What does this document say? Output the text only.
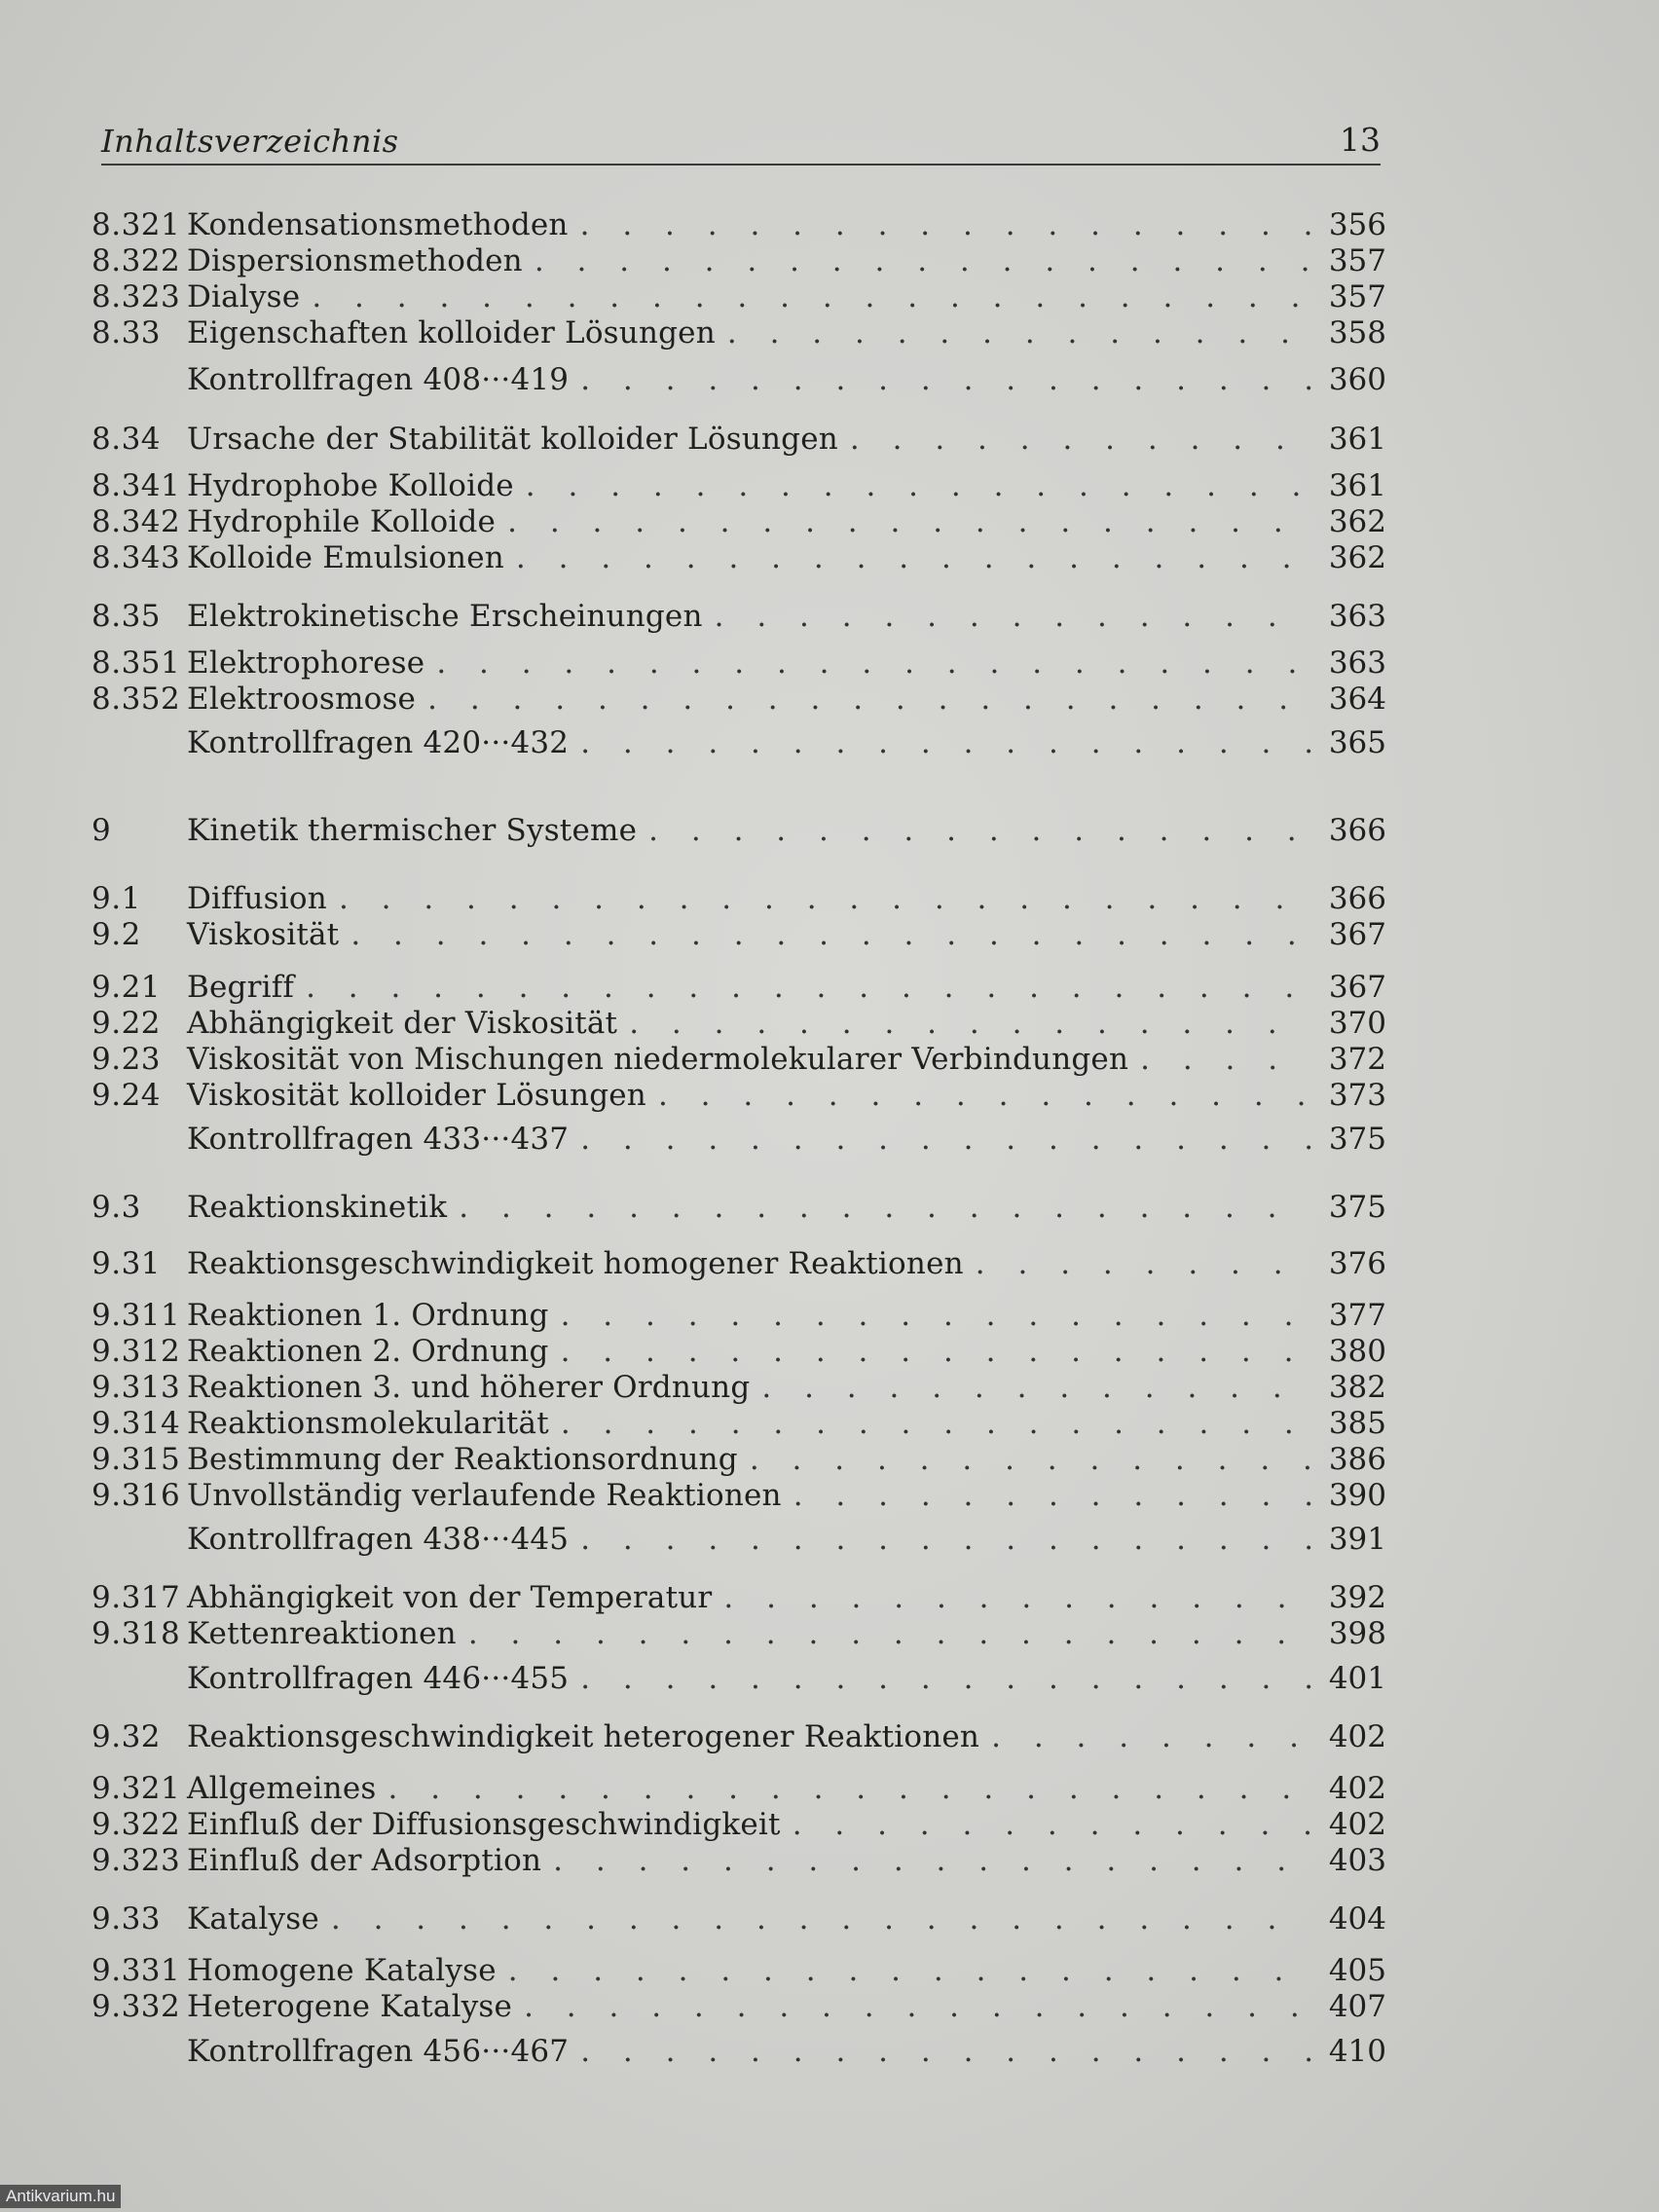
Inhaltsverzeichnis	13
8.321 Kondensationsmethoden . . .	356
8.322 Dispersionsmethoden . . .	357
8.323 Dialyse . . .	357
8.33 Eigenschaften kolloider Lösungen . . .	358
Kontrollfragen 408···419 . . .	360
8.34 Ursache der Stabilität kolloider Lösungen . . .	361
8.341 Hydrophobe Kolloide . . .	361
8.342 Hydrophile Kolloide . . .	362
8.343 Kolloide Emulsionen . . .	362
8.35 Elektrokinetische Erscheinungen . . .	363
8.351 Elektrophorese . . .	363
8.352 Elektroosmose . . .	364
Kontrollfragen 420···432 . . .	365
9	Kinetik thermischer Systeme . . .	366
9.1	Diffusion . . .	366
9.2	Viskosität . . .	367
9.21 Begriff . . .	367
9.22 Abhängigkeit der Viskosität . . .	370
9.23 Viskosität von Mischungen niedermolekularer Verbindungen . . .	372
9.24 Viskosität kolloider Lösungen . . .	373
Kontrollfragen 433···437 . . .	375
9.3	Reaktionskinetik . . .	375
9.31 Reaktionsgeschwindigkeit homogener Reaktionen . . .	376
9.311 Reaktionen 1. Ordnung . . .	377
9.312 Reaktionen 2. Ordnung . . .	380
9.313 Reaktionen 3. und höherer Ordnung . . .	382
9.314 Reaktionsmolekularität . . .	385
9.315 Bestimmung der Reaktionsordnung . . .	386
9.316 Unvollständig verlaufende Reaktionen . . .	390
Kontrollfragen 438···445 . . .	391
9.317 Abhängigkeit von der Temperatur . . .	392
9.318 Kettenreaktionen . . .	398
Kontrollfragen 446···455 . . .	401
9.32 Reaktionsgeschwindigkeit heterogener Reaktionen . . .	402
9.321 Allgemeines . . .	402
9.322 Einfluß der Diffusionsgeschwindigkeit . . .	402
9.323 Einfluß der Adsorption . . .	403
9.33 Katalyse . . .	404
9.331 Homogene Katalyse . . .	405
9.332 Heterogene Katalyse . . .	407
Kontrollfragen 456···467 . . .	410
Antikvarium.hu
